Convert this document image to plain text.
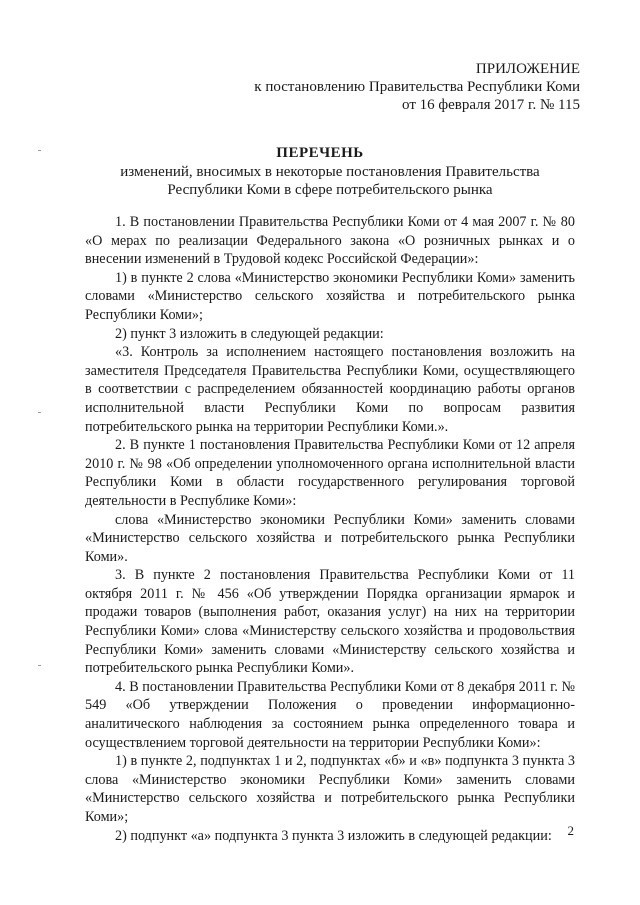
ПРИЛОЖЕНИЕ
к постановлению Правительства Республики Коми
от 16 февраля 2017 г. № 115
ПЕРЕЧЕНЬ
изменений, вносимых в некоторые постановления Правительства
Республики Коми в сфере потребительского рынка

1. В постановлении Правительства Республики Коми от 4 мая 2007 г. № 80 «О мерах по реализации Федерального закона «О розничных рынках и о внесении изменений в Трудовой кодекс Российской Федерации»:

1) в пункте 2 слова «Министерство экономики Республики Коми» заменить словами «Министерство сельского хозяйства и потребительского рынка Республики Коми»;

2) пункт 3 изложить в следующей редакции:

«3. Контроль за исполнением настоящего постановления возложить на заместителя Председателя Правительства Республики Коми, осуществляющего в соответствии с распределением обязанностей координацию работы органов исполнительной власти Республики Коми по вопросам развития потребительского рынка на территории Республики Коми.».

2. В пункте 1 постановления Правительства Республики Коми от 12 апреля 2010 г. № 98 «Об определении уполномоченного органа исполнительной власти Республики Коми в области государственного регулирования торговой деятельности в Республике Коми»:

слова «Министерство экономики Республики Коми» заменить словами «Министерство сельского хозяйства и потребительского рынка Республики Коми».

3. В пункте 2 постановления Правительства Республики Коми от 11 октября 2011 г. № 456 «Об утверждении Порядка организации ярмарок и продажи товаров (выполнения работ, оказания услуг) на них на территории Республики Коми» слова «Министерству сельского хозяйства и продовольствия Республики Коми» заменить словами «Министерству сельского хозяйства и потребительского рынка Республики Коми».

4. В постановлении Правительства Республики Коми от 8 декабря 2011 г. № 549 «Об утверждении Положения о проведении информационно-аналитического наблюдения за состоянием рынка определенного товара и осуществлением торговой деятельности на территории Республики Коми»:

1) в пункте 2, подпунктах 1 и 2, подпунктах «б» и «в» подпункта 3 пункта 3 слова «Министерство экономики Республики Коми» заменить словами «Министерство сельского хозяйства и потребительского рынка Республики Коми»;

2) подпункт «а» подпункта 3 пункта 3 изложить в следующей редакции:	2
